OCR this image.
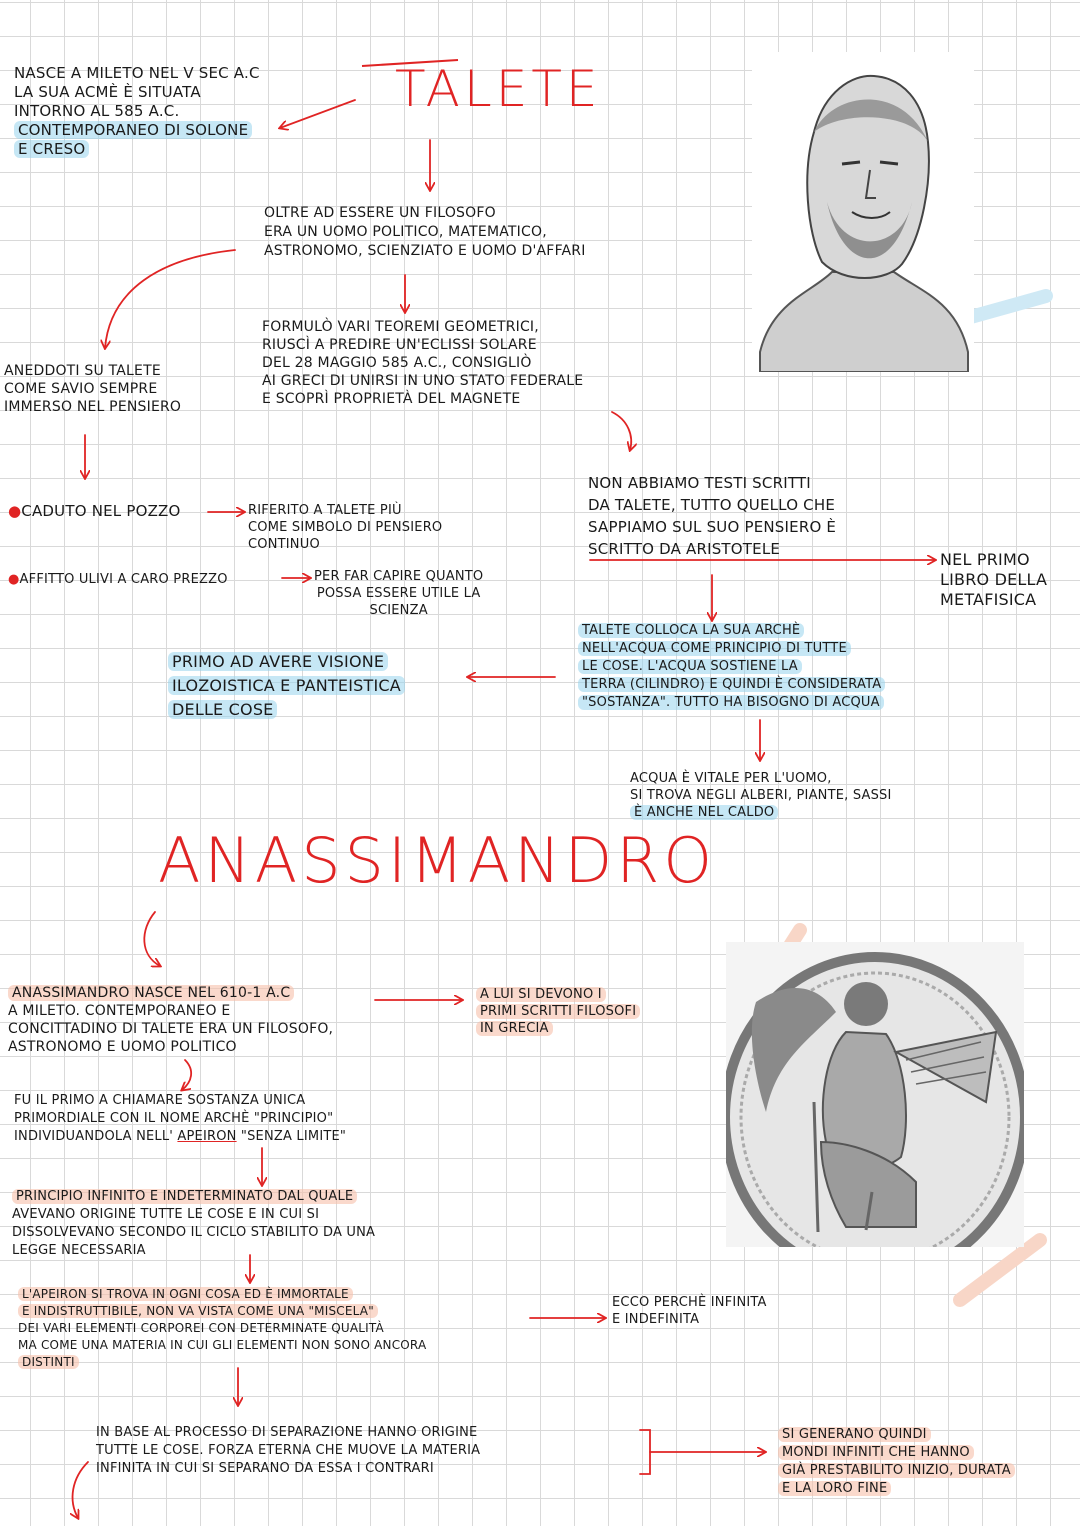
TALETE
NASCE A MILETO NEL V SEC A.C
LA SUA ACMÈ È SITUATA
INTORNO AL 585 A.C.
CONTEMPORANEO DI SOLONE
E CRESO
OLTRE AD ESSERE UN FILOSOFO
ERA UN UOMO POLITICO, MATEMATICO,
ASTRONOMO, SCIENZIATO E UOMO D'AFFARI
FORMULÒ VARI TEOREMI GEOMETRICI,
RIUSCÌ A PREDIRE UN'ECLISSI SOLARE
DEL 28 MAGGIO 585 A.C., CONSIGLIÒ
AI GRECI DI UNIRSI IN UNO STATO FEDERALE
E SCOPRÌ PROPRIETÀ DEL MAGNETE
ANEDDOTI SU TALETE
COME SAVIO SEMPRE
IMMERSO NEL PENSIERO
●CADUTO NEL POZZO	RIFERITO A TALETE PIÙ
COME SIMBOLO DI PENSIERO
CONTINUO
●AFFITTO ULIVI A CARO PREZZO	PER FAR CAPIRE QUANTO
POSSA ESSERE UTILE LA
SCIENZA
NON ABBIAMO TESTI SCRITTI
DA TALETE, TUTTO QUELLO CHE
SAPPIAMO SUL SUO PENSIERO È
SCRITTO DA ARISTOTELE
NEL PRIMO
LIBRO DELLA
METAFISICA
TALETE COLLOCA LA SUA ARCHÈ
NELL'ACQUA COME PRINCIPIO DI TUTTE
LE COSE. L'ACQUA SOSTIENE LA
TERRA (CILINDRO) E QUINDI È CONSIDERATA
"SOSTANZA". TUTTO HA BISOGNO DI ACQUA
PRIMO AD AVERE VISIONE
ILOZOISTICA E PANTEISTICA
DELLE COSE
ACQUA È VITALE PER L'UOMO,
SI TROVA NEGLI ALBERI, PIANTE, SASSI
È ANCHE NEL CALDO
ANASSIMANDRO
ANASSIMANDRO NASCE NEL 610-1 A.C
A MILETO. CONTEMPORANEO E
CONCITTADINO DI TALETE ERA UN FILOSOFO,
ASTRONOMO E UOMO POLITICO
A LUI SI DEVONO I
PRIMI SCRITTI FILOSOFI
IN GRECIA
FU IL PRIMO A CHIAMARE SOSTANZA UNICA
PRIMORDIALE CON IL NOME ARCHÈ "PRINCIPIO"
INDIVIDUANDOLA NELL' APEIRON "SENZA LIMITE"
PRINCIPIO INFINITO E INDETERMINATO DAL QUALE
AVEVANO ORIGINE TUTTE LE COSE E IN CUI SI
DISSOLVEVANO SECONDO IL CICLO STABILITO DA UNA
LEGGE NECESSARIA
L'APEIRON SI TROVA IN OGNI COSA ED È IMMORTALE
E INDISTRUTTIBILE, NON VA VISTA COME UNA "MISCELA"
DEI VARI ELEMENTI CORPOREI CON DETERMINATE QUALITÀ
MA COME UNA MATERIA IN CUI GLI ELEMENTI NON SONO ANCORA
DISTINTI
ECCO PERCHÈ INFINITA
E INDEFINITA
IN BASE AL PROCESSO DI SEPARAZIONE HANNO ORIGINE
TUTTE LE COSE. FORZA ETERNA CHE MUOVE LA MATERIA
INFINITA IN CUI SI SEPARANO DA ESSA I CONTRARI
SI GENERANO QUINDI
MONDI INFINITI CHE HANNO
GIÀ PRESTABILITO INIZIO, DURATA
E LA LORO FINE
